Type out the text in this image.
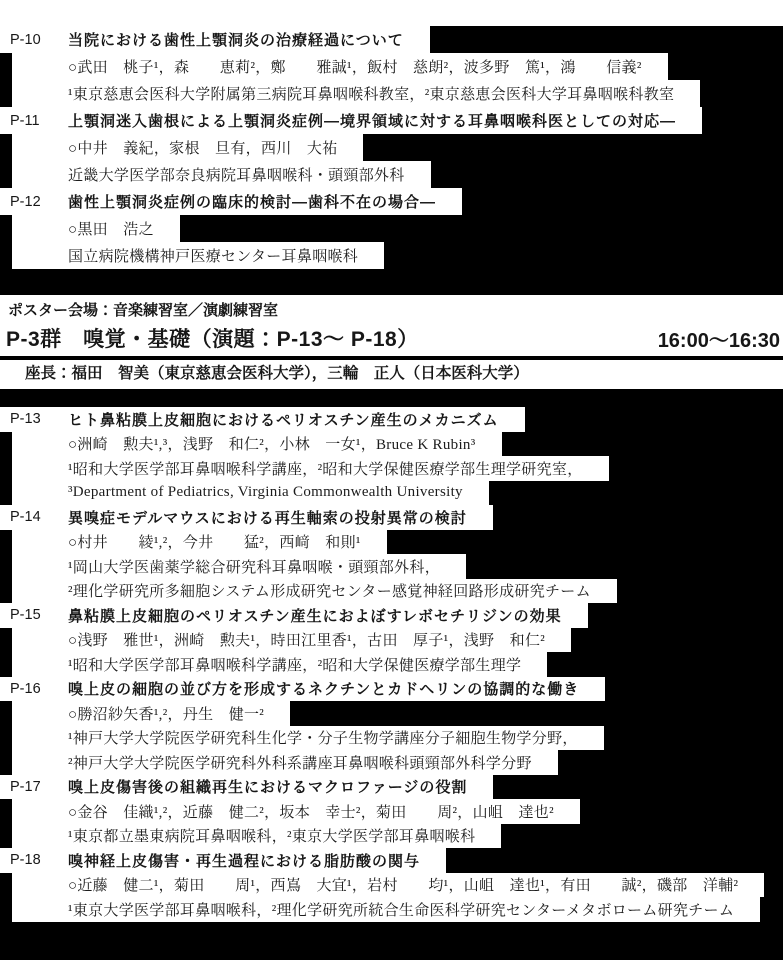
P-10	当院における歯性上顎洞炎の治療経過について
○武田　桃子¹，森　　恵莉²，鄭　　雅誠¹，飯村　慈朗²，波多野　篤¹，鴻　　信義²
¹東京慈恵会医科大学附属第三病院耳鼻咽喉科教室，²東京慈恵会医科大学耳鼻咽喉科教室
P-11	上顎洞迷入歯根による上顎洞炎症例―境界領域に対する耳鼻咽喉科医としての対応―
○中井　義紀，家根　旦有，西川　大祐
近畿大学医学部奈良病院耳鼻咽喉科・頭頸部外科
P-12	歯性上顎洞炎症例の臨床的検討―歯科不在の場合―
○黒田　浩之
国立病院機構神戸医療センター耳鼻咽喉科
ポスター会場：音楽練習室／演劇練習室
P-3群　嗅覚・基礎（演題：P-13～ P-18）	16:00～16:30
座長：福田　智美（東京慈恵会医科大学），三輪　正人（日本医科大学）
P-13	ヒト鼻粘膜上皮細胞におけるペリオスチン産生のメカニズム
○洲崎　勲夫¹,³，浅野　和仁²，小林　一女¹，Bruce K Rubin³
¹昭和大学医学部耳鼻咽喉科学講座，²昭和大学保健医療学部生理学研究室，
³Department of Pediatrics, Virginia Commonwealth University
P-14	異嗅症モデルマウスにおける再生軸索の投射異常の検討
○村井　　綾¹,²，今井　　猛²，西﨑　和則¹
¹岡山大学医歯薬学総合研究科耳鼻咽喉・頭頸部外科，
²理化学研究所多細胞システム形成研究センター感覚神経回路形成研究チーム
P-15	鼻粘膜上皮細胞のペリオスチン産生におよぼすレボセチリジンの効果
○浅野　雅世¹，洲崎　勲夫¹，時田江里香¹，古田　厚子¹，浅野　和仁²
¹昭和大学医学部耳鼻咽喉科学講座，²昭和大学保健医療学部生理学
P-16	嗅上皮の細胞の並び方を形成するネクチンとカドヘリンの協調的な働き
○勝沼紗矢香¹,²，丹生　健一²
¹神戸大学大学院医学研究科生化学・分子生物学講座分子細胞生物学分野，
²神戸大学大学院医学研究科外科系講座耳鼻咽喉科頭頸部外科学分野
P-17	嗅上皮傷害後の組織再生におけるマクロファージの役割
○金谷　佳織¹,²，近藤　健二²，坂本　幸士²，菊田　　周²，山岨　達也²
¹東京都立墨東病院耳鼻咽喉科，²東京大学医学部耳鼻咽喉科
P-18	嗅神経上皮傷害・再生過程における脂肪酸の関与
○近藤　健二¹，菊田　　周¹，西嶌　大宜¹，岩村　　均¹，山岨　達也¹，有田　　誠²，磯部　洋輔²
¹東京大学医学部耳鼻咽喉科，²理化学研究所統合生命医科学研究センターメタボローム研究チーム
